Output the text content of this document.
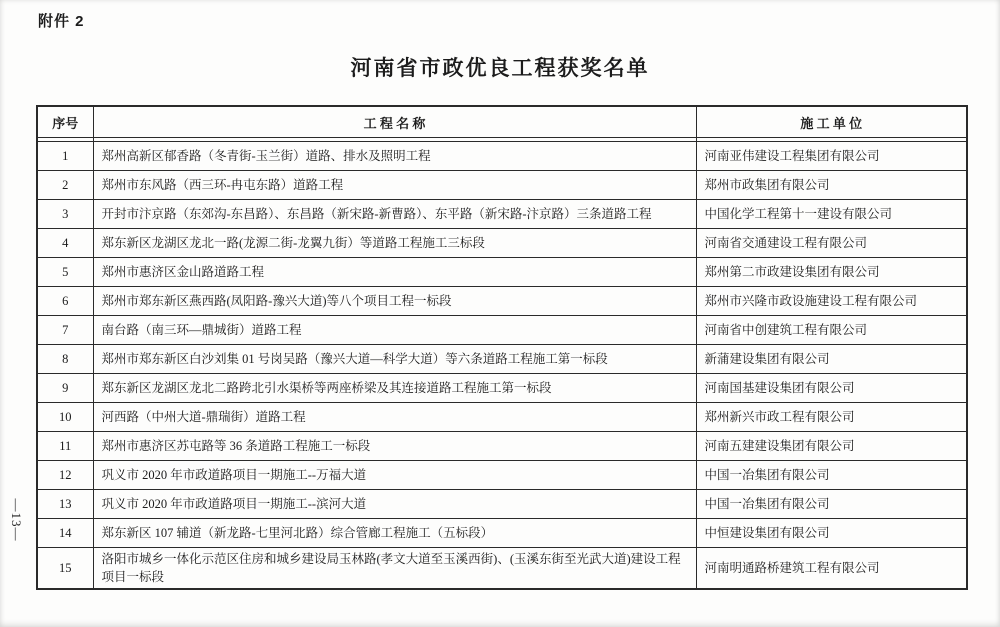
附件 2
河南省市政优良工程获奖名单
序号	工 程 名 称	施 工 单 位

1	郑州高新区郁香路（冬青街-玉兰街）道路、排水及照明工程	河南亚伟建设工程集团有限公司
2	郑州市东风路（西三环-冉屯东路）道路工程	郑州市政集团有限公司
3	开封市汴京路（东郊沟-东昌路）、东昌路（新宋路-新曹路）、东平路（新宋路-汴京路）三条道路工程	中国化学工程第十一建设有限公司
4	郑东新区龙湖区龙北一路(龙源二街-龙翼九街）等道路工程施工三标段	河南省交通建设工程有限公司
5	郑州市惠济区金山路道路工程	郑州第二市政建设集团有限公司
6	郑州市郑东新区燕西路(凤阳路-豫兴大道)等八个项目工程一标段	郑州市兴隆市政设施建设工程有限公司
7	南台路（南三环—鼎城街）道路工程	河南省中创建筑工程有限公司
8	郑州市郑东新区白沙刘集 01 号岗吴路（豫兴大道—科学大道）等六条道路工程施工第一标段	新蒲建设集团有限公司
9	郑东新区龙湖区龙北二路跨北引水渠桥等两座桥梁及其连接道路工程施工第一标段	河南国基建设集团有限公司
10	河西路（中州大道-鼎瑞街）道路工程	郑州新兴市政工程有限公司
11	郑州市惠济区苏屯路等 36 条道路工程施工一标段	河南五建建设集团有限公司
12	巩义市 2020 年市政道路项目一期施工--万福大道	中国一冶集团有限公司
13	巩义市 2020 年市政道路项目一期施工--滨河大道	中国一冶集团有限公司
14	郑东新区 107 辅道（新龙路-七里河北路）综合管廊工程施工（五标段）	中恒建设集团有限公司
15	洛阳市城乡一体化示范区住房和城乡建设局玉林路(孝文大道至玉溪西街)、(玉溪东街至光武大道)建设工程项目一标段	河南明通路桥建筑工程有限公司
—13—
